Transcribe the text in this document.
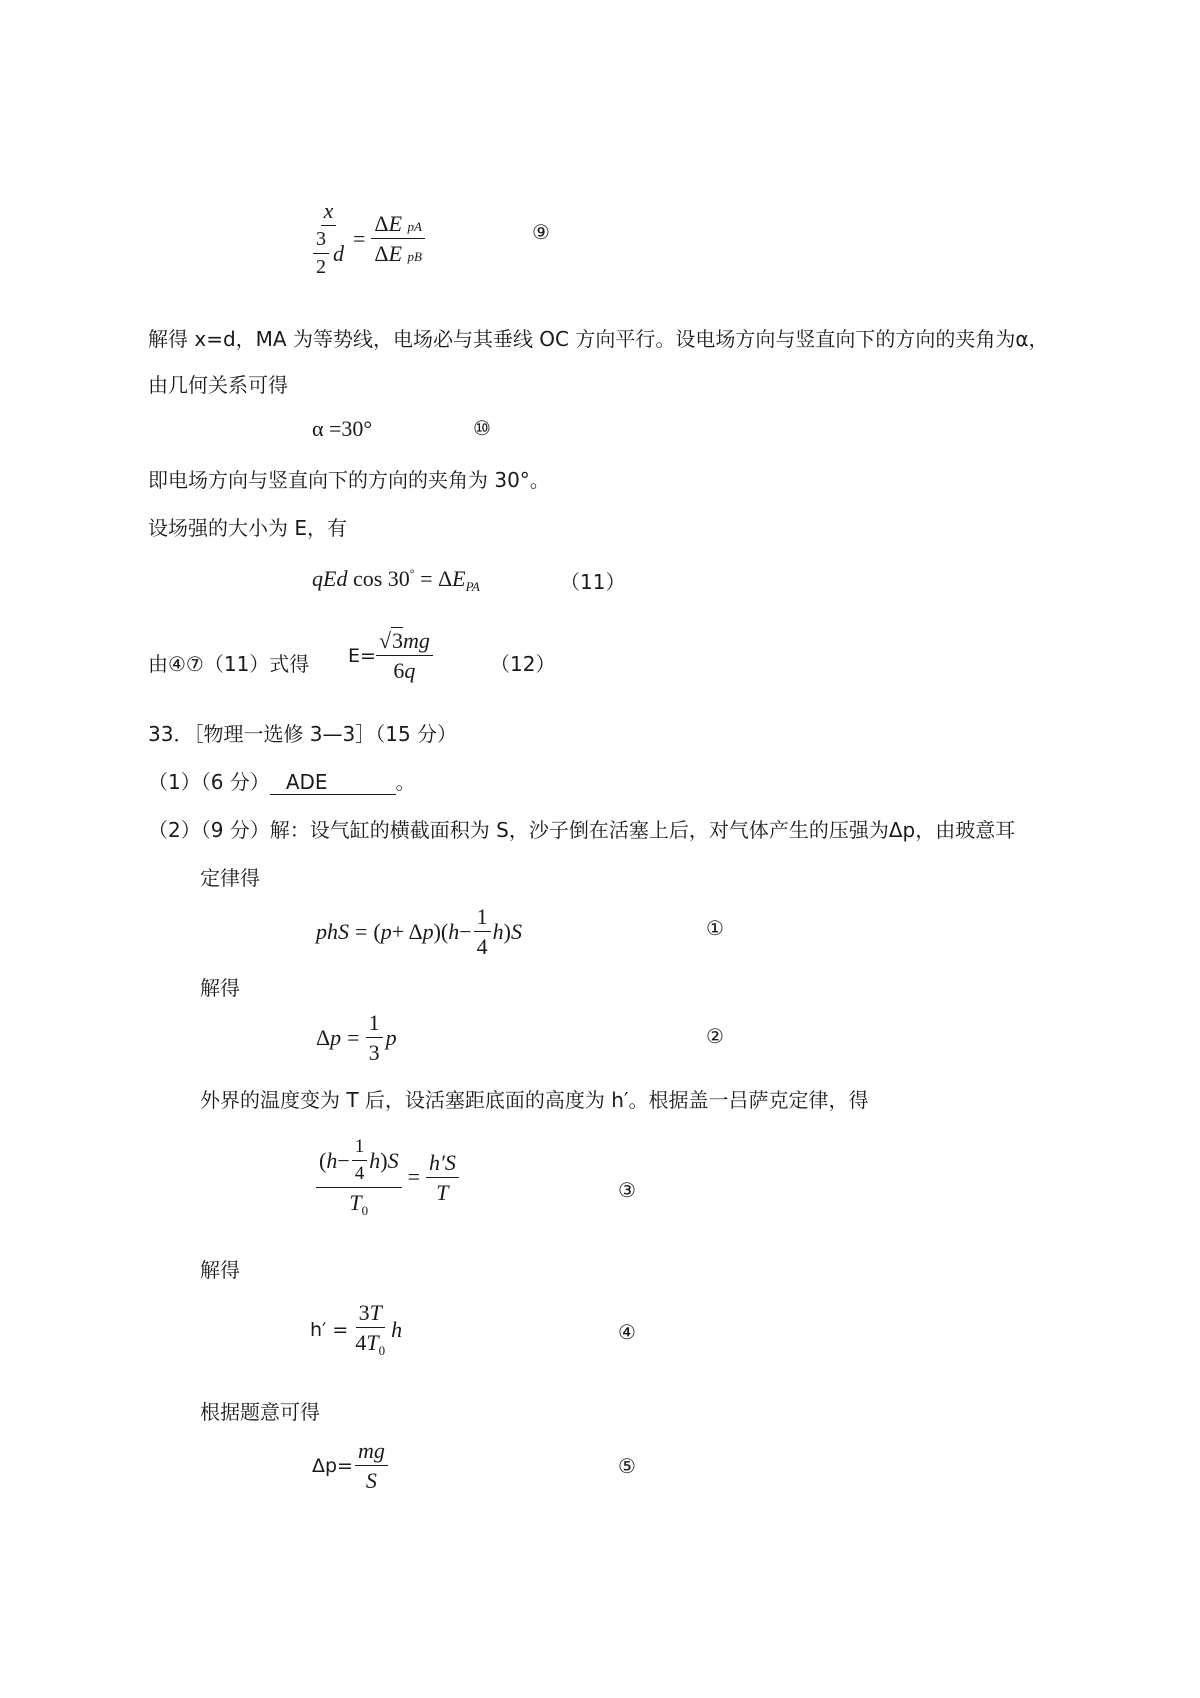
$\frac{x}{\frac{3}{2} d} = \frac{\text{ΔE pA}}{\text{ΔE pB}}$	⑨
解得 x=d，MA 为等势线，电场必与其垂线 OC 方向平行。设电场方向与竖直向下的方向的夹角为α，
由几何关系可得
α =30°	⑩
即电场方向与竖直向下的方向的夹角为 30°。
设场强的大小为 E，有
qEd $\cos 30^\circ = \Delta E_{PA}$	（11）
由④⑦（11）式得 $E= \frac{√3mg}{6q}$	（12）
33．［物理一选修 3—3］（15 分）
（1）（6 分） ADE	。
（2）（9 分）解：设气缸的横截面积为 S，沙子倒在活塞上后，对气体产生的压强为Δp，由玻意耳
定律得
phS = ( p + Δ p )( $h - \frac{1}{4}$ h ) S	①
解得
Δ $p = \frac{1}{3}$ p	②
外界的温度变为 T 后，设活塞距底面的高度为 h′。根据盖一吕萨克定律，得
$\frac{( h - \frac{1}{4} h ) S}{T_0} = \frac{h'S}{T}$	③
解得
$h' = \frac{3T}{4T_0}$ h	④
根据题意可得
$\Delta p= \frac{mg}{S}$	⑤
